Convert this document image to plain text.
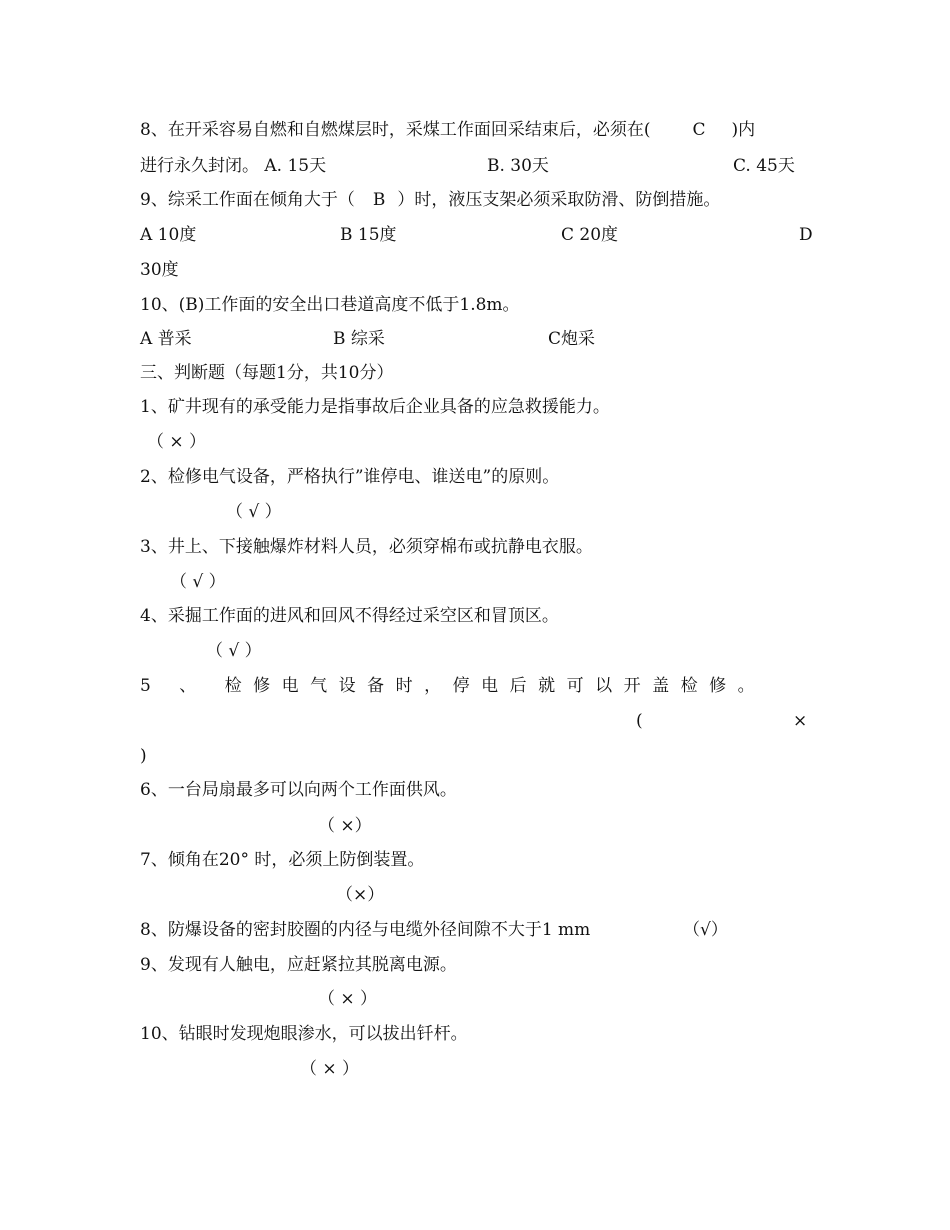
8、在开采容易自燃和自燃煤层时，采煤工作面回采结束后，必须在( C )内
进行永久封闭。 A. 15天	B. 30天	C. 45天
9、综采工作面在倾角大于（ B ）时，液压支架必须采取防滑、防倒措施。
A 10度	B 15度	C 20度	D
30度
10、(B)工作面的安全出口巷道高度不低于1.8m。
A 普采	B 综采	C炮采
三、判断题（每题1分，共10分）
1、矿井现有的承受能力是指事故后企业具备的应急救援能力。
（ × ）
2、检修电气设备，严格执行”谁停电、谁送电”的原则。
（ √ ）
3、井上、下接触爆炸材料人员，必须穿棉布或抗静电衣服。
（ √ ）
4、采掘工作面的进风和回风不得经过采空区和冒顶区。
（ √ ）
5 、 检修电气设备时，停电后就可以开盖检修。
(	×
)
6、一台局扇最多可以向两个工作面供风。
（ ×）
7、倾角在20° 时，必须上防倒装置。
（×）
8、防爆设备的密封胶圈的内径与电缆外径间隙不大于1 mm	（√）
9、发现有人触电，应赶紧拉其脱离电源。
（ × ）
10、钻眼时发现炮眼渗水，可以拔出钎杆。
（ × ）
